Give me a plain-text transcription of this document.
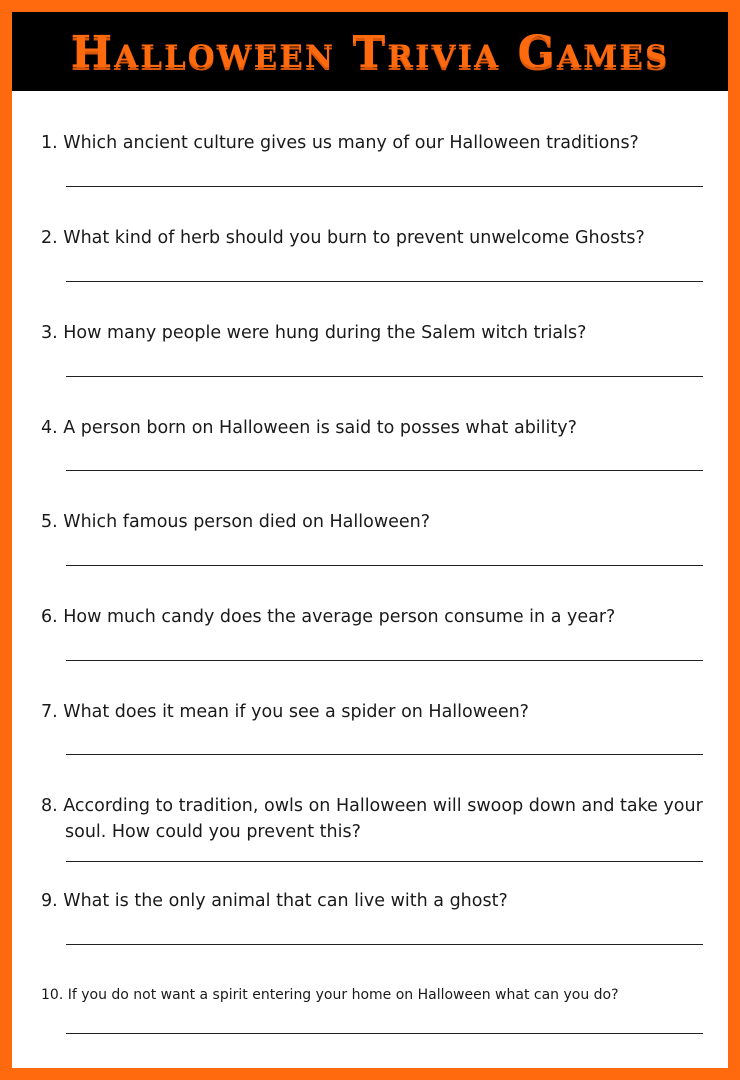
Halloween Trivia Games
1. Which ancient culture gives us many of our Halloween traditions?
2. What kind of herb should you burn to prevent unwelcome Ghosts?
3. How many people were hung during the Salem witch trials?
4. A person born on Halloween is said to posses what ability?
5. Which famous person died on Halloween?
6. How much candy does the average person consume in a year?
7. What does it mean if you see a spider on Halloween?
8. According to tradition, owls on Halloween will swoop down and take your soul. How could you prevent this?
9. What is the only animal that can live with a ghost?
10. If you do not want a spirit entering your home on Halloween what can you do?
